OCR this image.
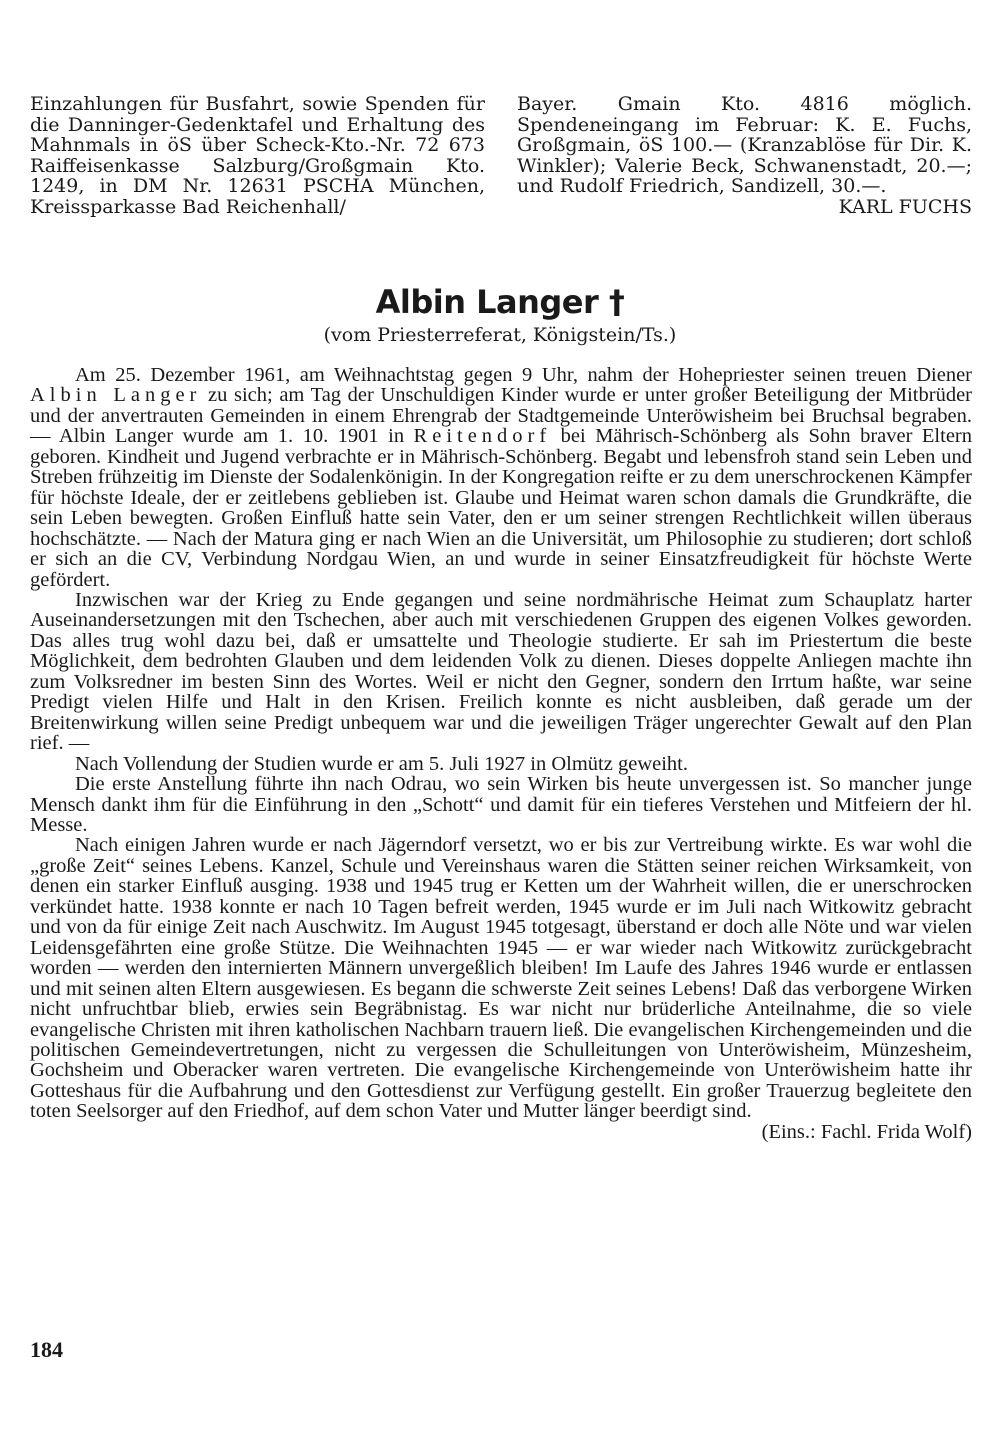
Einzahlungen für Busfahrt, sowie Spenden für die Danninger-Gedenktafel und Erhaltung des Mahnmals in öS über Scheck-Kto.-Nr. 72 673 Raiffeisenkasse Salzburg/Großgmain Kto. 1249, in DM Nr. 12631 PSCHA München, Kreissparkasse Bad Reichenhall/

Bayer. Gmain Kto. 4816 möglich. Spendeneingang im Februar: K. E. Fuchs, Großgmain, öS 100.— (Kranzablöse für Dir. K. Winkler); Valerie Beck, Schwanenstadt, 20.—; und Rudolf Friedrich, Sandizell, 30.—.

KARL FUCHS

Albin Langer †
(vom Priesterreferat, Königstein/Ts.)

Am 25. Dezember 1961, am Weihnachtstag gegen 9 Uhr, nahm der Hohepriester seinen treuen Diener Albin Langer zu sich; am Tag der Unschuldigen Kinder wurde er unter großer Beteiligung der Mitbrüder und der anvertrauten Gemeinden in einem Ehrengrab der Stadtgemeinde Unteröwisheim bei Bruchsal begraben. — Albin Langer wurde am 1. 10. 1901 in Reitendorf bei Mährisch-Schönberg als Sohn braver Eltern geboren. Kindheit und Jugend verbrachte er in Mährisch-Schönberg. Begabt und lebensfroh stand sein Leben und Streben frühzeitig im Dienste der Sodalenkönigin. In der Kongregation reifte er zu dem unerschrockenen Kämpfer für höchste Ideale, der er zeitlebens geblieben ist. Glaube und Heimat waren schon damals die Grundkräfte, die sein Leben bewegten. Großen Einfluß hatte sein Vater, den er um seiner strengen Rechtlichkeit willen überaus hochschätzte. — Nach der Matura ging er nach Wien an die Universität, um Philosophie zu studieren; dort schloß er sich an die CV, Verbindung Nordgau Wien, an und wurde in seiner Einsatzfreudigkeit für höchste Werte gefördert.

Inzwischen war der Krieg zu Ende gegangen und seine nordmährische Heimat zum Schauplatz harter Auseinandersetzungen mit den Tschechen, aber auch mit verschiedenen Gruppen des eigenen Volkes geworden. Das alles trug wohl dazu bei, daß er umsattelte und Theologie studierte. Er sah im Priestertum die beste Möglichkeit, dem bedrohten Glauben und dem leidenden Volk zu dienen. Dieses doppelte Anliegen machte ihn zum Volksredner im besten Sinn des Wortes. Weil er nicht den Gegner, sondern den Irrtum haßte, war seine Predigt vielen Hilfe und Halt in den Krisen. Freilich konnte es nicht ausbleiben, daß gerade um der Breitenwirkung willen seine Predigt unbequem war und die jeweiligen Träger ungerechter Gewalt auf den Plan rief. —

Nach Vollendung der Studien wurde er am 5. Juli 1927 in Olmütz geweiht.

Die erste Anstellung führte ihn nach Odrau, wo sein Wirken bis heute unvergessen ist. So mancher junge Mensch dankt ihm für die Einführung in den „Schott“ und damit für ein tieferes Verstehen und Mitfeiern der hl. Messe.

Nach einigen Jahren wurde er nach Jägerndorf versetzt, wo er bis zur Vertreibung wirkte. Es war wohl die „große Zeit“ seines Lebens. Kanzel, Schule und Vereinshaus waren die Stätten seiner reichen Wirksamkeit, von denen ein starker Einfluß ausging. 1938 und 1945 trug er Ketten um der Wahrheit willen, die er unerschrocken verkündet hatte. 1938 konnte er nach 10 Tagen befreit werden, 1945 wurde er im Juli nach Witkowitz gebracht und von da für einige Zeit nach Auschwitz. Im August 1945 totgesagt, überstand er doch alle Nöte und war vielen Leidensgefährten eine große Stütze. Die Weihnachten 1945 — er war wieder nach Witkowitz zurückgebracht worden — werden den internierten Männern unvergeßlich bleiben! Im Laufe des Jahres 1946 wurde er entlassen und mit seinen alten Eltern ausgewiesen. Es begann die schwerste Zeit seines Lebens! Daß das verborgene Wirken nicht unfruchtbar blieb, erwies sein Begräbnistag. Es war nicht nur brüderliche Anteilnahme, die so viele evangelische Christen mit ihren katholischen Nachbarn trauern ließ. Die evangelischen Kirchengemeinden und die politischen Gemeindevertretungen, nicht zu vergessen die Schulleitungen von Unteröwisheim, Münzesheim, Gochsheim und Oberacker waren vertreten. Die evangelische Kirchengemeinde von Unteröwisheim hatte ihr Gotteshaus für die Aufbahrung und den Gottesdienst zur Verfügung gestellt. Ein großer Trauerzug begleitete den toten Seelsorger auf den Friedhof, auf dem schon Vater und Mutter länger beerdigt sind.
(Eins.: Fachl. Frida Wolf)

184
